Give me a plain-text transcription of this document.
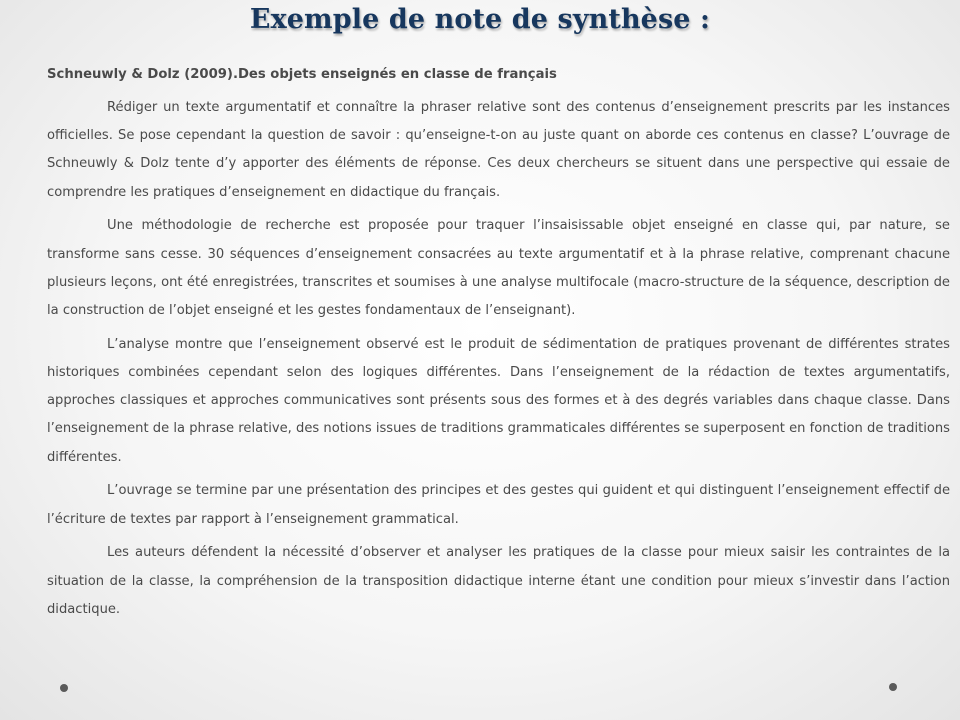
Exemple de note de synthèse :
Schneuwly & Dolz (2009).Des objets enseignés en classe de français

Rédiger un texte argumentatif et connaître la phraser relative sont des contenus d’enseignement prescrits par les instances officielles. Se pose cependant la question de savoir : qu’enseigne-t-on au juste quant on aborde ces contenus en classe? L’ouvrage de Schneuwly & Dolz tente d’y apporter des éléments de réponse. Ces deux chercheurs se situent dans une perspective qui essaie de comprendre les pratiques d’enseignement en didactique du français.

Une méthodologie de recherche est proposée pour traquer l’insaisissable objet enseigné en classe qui, par nature, se transforme sans cesse. 30 séquences d’enseignement consacrées au texte argumentatif et à la phrase relative, comprenant chacune plusieurs leçons, ont été enregistrées, transcrites et soumises à une analyse multifocale (macro-structure de la séquence, description de la construction de l’objet enseigné et les gestes fondamentaux de l’enseignant).

L’analyse montre que l’enseignement observé est le produit de sédimentation de pratiques provenant de différentes strates historiques combinées cependant selon des logiques différentes. Dans l’enseignement de la rédaction de textes argumentatifs, approches classiques et approches communicatives sont présents sous des formes et à des degrés variables dans chaque classe. Dans l’enseignement de la phrase relative, des notions issues de traditions grammaticales différentes se superposent en fonction de traditions différentes.

L’ouvrage se termine par une présentation des principes et des gestes qui guident et qui distinguent l’enseignement effectif de l’écriture de textes par rapport à l’enseignement grammatical.

Les auteurs défendent la nécessité d’observer et analyser les pratiques de la classe pour mieux saisir les contraintes de la situation de la classe, la compréhension de la transposition didactique interne étant une condition pour mieux s’investir dans l’action didactique.
